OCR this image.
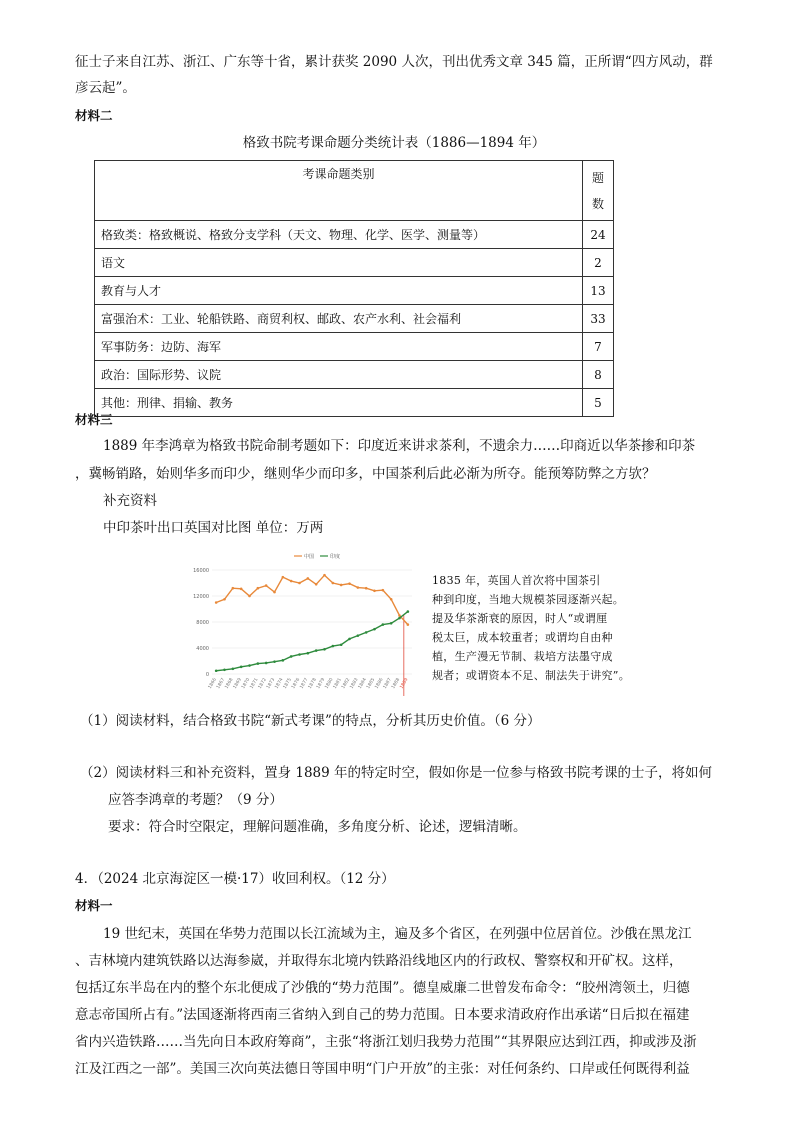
征士子来自江苏、浙江、广东等十省，累计获奖 2090 人次，刊出优秀文章 345 篇，正所谓“四方风动，群
彦云起”。
材料二
格致书院考课命题分类统计表（1886—1894 年）
考课命题类别	题
数

格致类：格致概说、格致分支学科（天文、物理、化学、医学、测量等）	24
语文	2
教育与人才	13
富强治术：工业、轮船铁路、商贸利权、邮政、农产水利、社会福利	33
军事防务：边防、海军	7
政治：国际形势、议院	8
其他：刑律、捐输、教务	5
材料三
1889 年李鸿章为格致书院命制考题如下：印度近来讲求茶利，不遗余力……印商近以华茶掺和印茶
，冀畅销路，始则华多而印少，继则华少而印多，中国茶利后此必渐为所夺。能预筹防弊之方欤？
补充资料
中印茶叶出口英国对比图 单位：万两
0
4000
8000
12000
16000
1866
1867
1868
1869
1870
1871
1872
1873
1874
1875
1876
1877
1878
1879
1880
1881
1882
1883
1884
1885
1886
1887
1888
1889
中国	印度
1835 年，英国人首次将中国茶引
种到印度，当地大规模茶园逐渐兴起。
提及华茶渐衰的原因，时人“或谓厘
税太巨，成本较重者；或谓均自由种
植，生产漫无节制、栽培方法墨守成
规者；或谓资本不足、制法失于讲究”。
（1）阅读材料，结合格致书院“新式考课”的特点，分析其历史价值。（6 分）
（2）阅读材料三和补充资料，置身 1889 年的特定时空，假如你是一位参与格致书院考课的士子，将如何
应答李鸿章的考题？（9 分）
要求：符合时空限定，理解问题准确，多角度分析、论述，逻辑清晰。
4．（2024 北京海淀区一模·17）收回利权。（12 分）
材料一
19 世纪末，英国在华势力范围以长江流域为主，遍及多个省区，在列强中位居首位。沙俄在黑龙江
、吉林境内建筑铁路以达海参崴，并取得东北境内铁路沿线地区内的行政权、警察权和开矿权。这样，
包括辽东半岛在内的整个东北便成了沙俄的“势力范围”。德皇威廉二世曾发布命令：“胶州湾领土，归德
意志帝国所占有。”法国逐渐将西南三省纳入到自己的势力范围。日本要求清政府作出承诺“日后拟在福建
省内兴造铁路……当先向日本政府筹商”，主张“将浙江划归我势力范围”“其界限应达到江西，抑或涉及浙
江及江西之一部”。美国三次向英法德日等国申明“门户开放”的主张：对任何条约、口岸或任何既得利益
